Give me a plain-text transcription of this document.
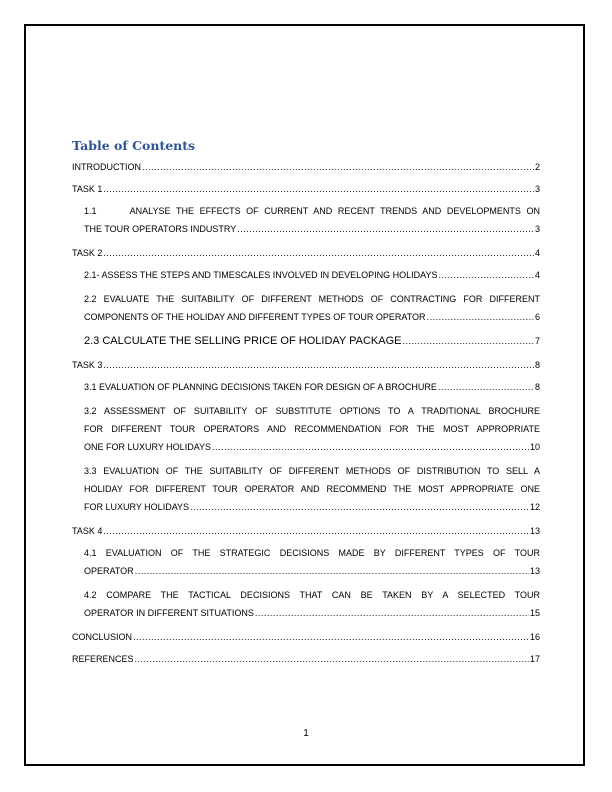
Table of Contents
INTRODUCTION .....	2
TASK 1 .....	3
1.1      ANALYSE THE EFFECTS OF CURRENT AND RECENT TRENDS AND DEVELOPMENTS ON
THE TOUR OPERATORS INDUSTRY .....	3
TASK 2 .....	4
2.1- ASSESS THE STEPS AND TIMESCALES INVOLVED IN DEVELOPING HOLIDAYS .....	4
2.2 EVALUATE THE SUITABILITY OF DIFFERENT METHODS OF CONTRACTING FOR DIFFERENT
COMPONENTS OF THE HOLIDAY AND DIFFERENT TYPES OF TOUR OPERATOR .....	6
2.3 CALCULATE THE SELLING PRICE OF HOLIDAY PACKAGE .....	7
TASK 3 .....	8
3.1 EVALUATION OF PLANNING DECISIONS TAKEN FOR DESIGN OF A BROCHURE .....	8
3.2 ASSESSMENT OF SUITABILITY OF SUBSTITUTE OPTIONS TO A TRADITIONAL BROCHURE
FOR DIFFERENT TOUR OPERATORS AND RECOMMENDATION FOR THE MOST APPROPRIATE
ONE FOR LUXURY HOLIDAYS .....	10
3.3 EVALUATION OF THE SUITABILITY OF DIFFERENT METHODS OF DISTRIBUTION TO SELL A
HOLIDAY FOR DIFFERENT TOUR OPERATOR AND RECOMMEND THE MOST APPROPRIATE ONE
FOR LUXURY HOLIDAYS .....	12
TASK 4 .....	13
4.1 EVALUATION OF THE STRATEGIC DECISIONS MADE BY DIFFERENT TYPES OF TOUR
OPERATOR .....	13
4.2 COMPARE THE TACTICAL DECISIONS THAT CAN BE TAKEN BY A SELECTED TOUR
OPERATOR IN DIFFERENT SITUATIONS .....	15
CONCLUSION .....	16
REFERENCES .....	17
1
